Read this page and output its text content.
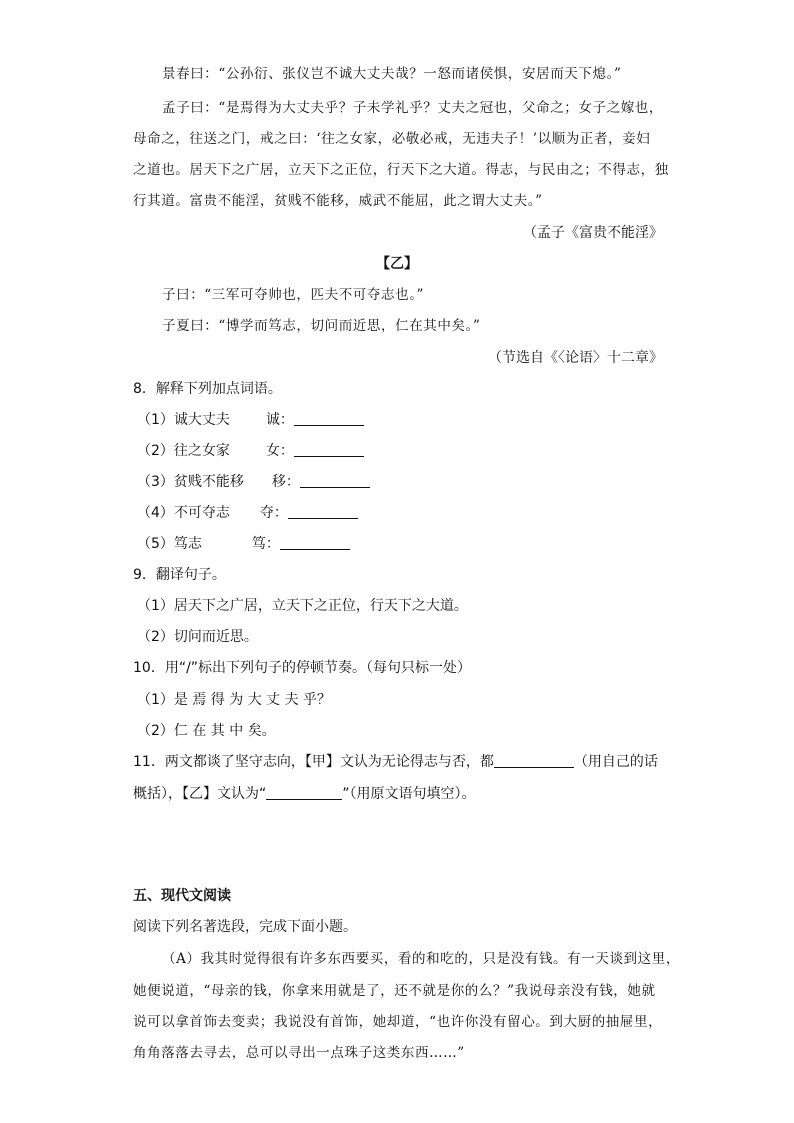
景春曰：“公孙衍、张仪岂不诚大丈夫哉？一怒而诸侯惧，安居而天下熄。”
孟子曰：“是焉得为大丈夫乎？子未学礼乎？丈夫之冠也，父命之；女子之嫁也，
母命之，往送之门，戒之曰：‘往之女家，必敬必戒，无违夫子！’以顺为正者，妾妇
之道也。居天下之广居，立天下之正位，行天下之大道。得志，与民由之；不得志，独
行其道。富贵不能淫，贫贱不能移，威武不能屈，此之谓大丈夫。”
（孟子《富贵不能淫》
【乙】
子曰：“三军可夺帅也，匹夫不可夺志也。”
子夏曰：“博学而笃志，切问而近思，仁在其中矣。”
（节选自《〈论语〉十二章》
8．解释下列加点词语。
（1）诚大丈夫	诚：
（2）往之女家	女：
（3）贫贱不能移 移：
（4）不可夺志 夺：
（5）笃志	笃：
9．翻译句子。
（1）居天下之广居，立天下之正位，行天下之大道。
（2）切问而近思。
10．用“/”标出下列句子的停顿节奏。（每句只标一处）
（1）是 焉 得 为 大 丈 夫 乎？
（2）仁 在 其 中 矣。
11．两文都谈了坚守志向，【甲】文认为无论得志与否，都	（用自己的话
概括），【乙】文认为“	”（用原文语句填空）。
五、现代文阅读
阅读下列名著选段，完成下面小题。
（A）我其时觉得很有许多东西要买，看的和吃的，只是没有钱。有一天谈到这里，
她便说道，“母亲的钱，你拿来用就是了，还不就是你的么？”我说母亲没有钱，她就
说可以拿首饰去变卖；我说没有首饰，她却道，“也许你没有留心。到大厨的抽屉里，
角角落落去寻去，总可以寻出一点珠子这类东西……”
